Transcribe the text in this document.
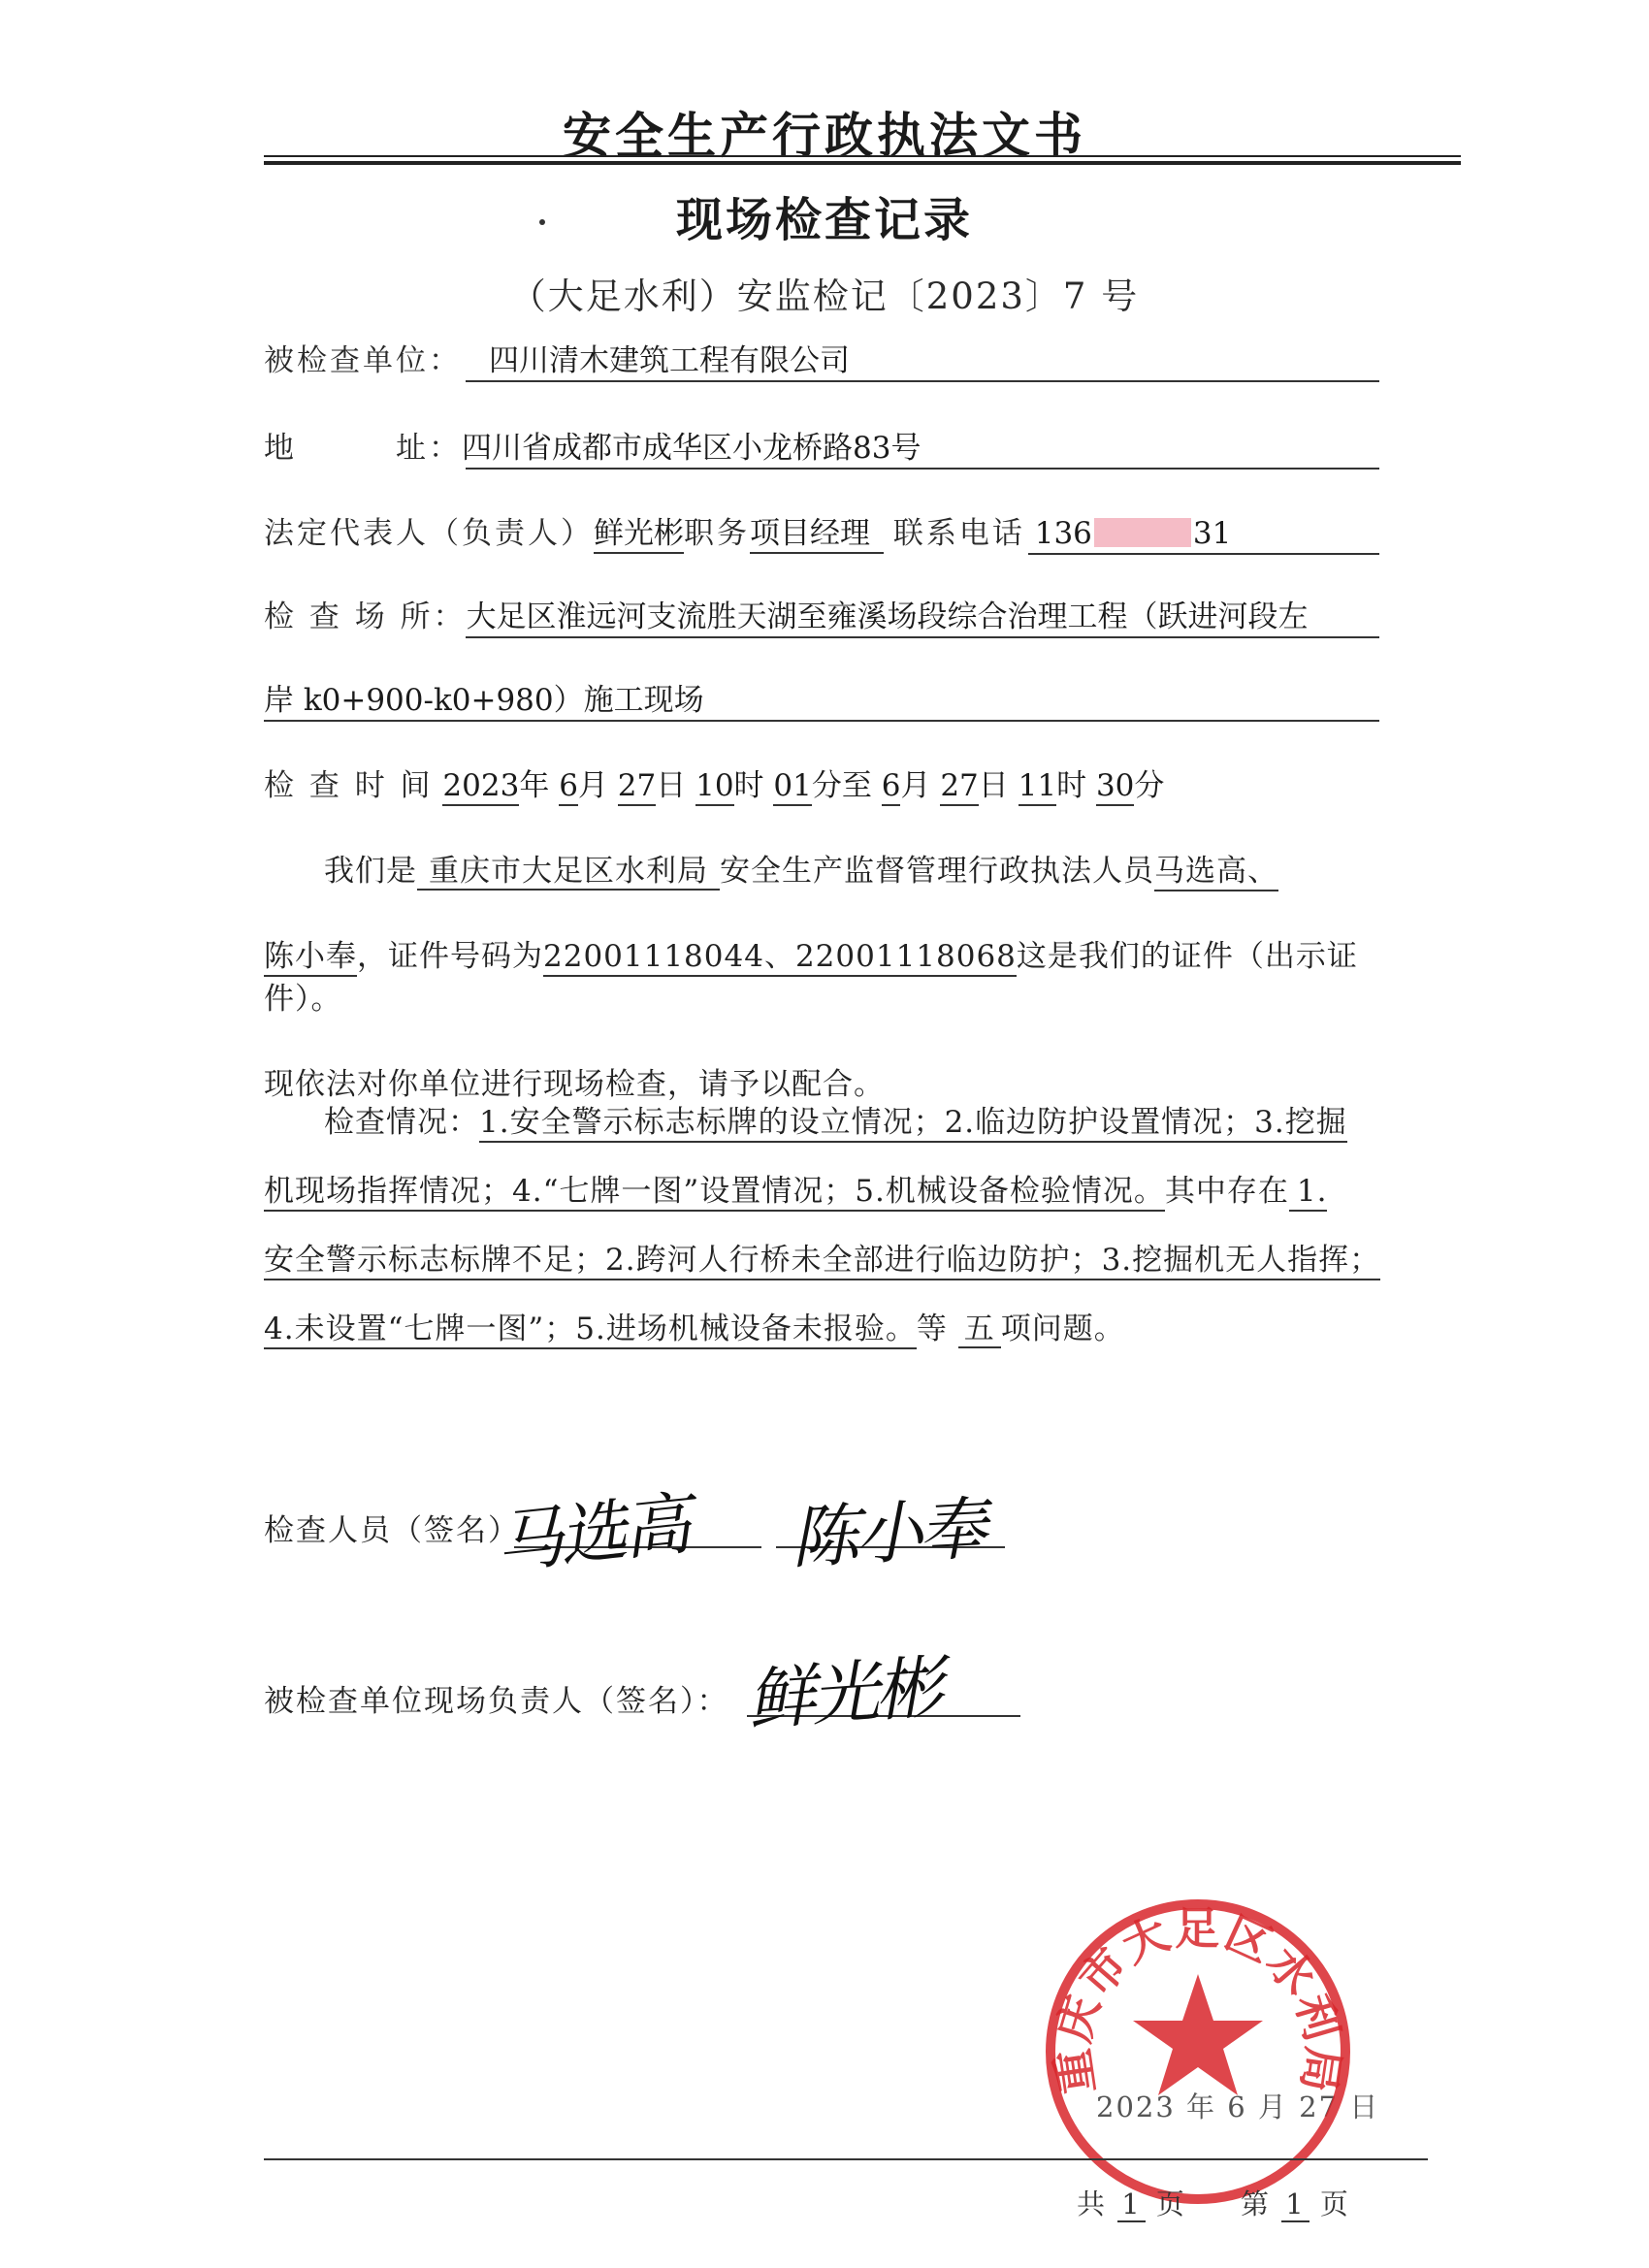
安全生产行政执法文书
现场检查记录
（大足水利）安监检记〔2023〕7 号
被检查单位： 四川清木建筑工程有限公司
地　　　址：四川省成都市成华区小龙桥路83号
法定代表人（负责人）鲜光彬职务项目经理 联系电话 136	31
检 查 场 所：大足区淮远河支流胜天湖至雍溪场段综合治理工程（跃进河段左
岸 k0+900-k0+980）施工现场
检 查 时 间 2023年 6月 27日 10时 01分至 6月 27日 11时 30分
我们是 重庆市大足区水利局 安全生产监督管理行政执法人员马选高、
陈小奉，证件号码为22001118044、22001118068这是我们的证件（出示证件）。
现依法对你单位进行现场检查，请予以配合。
检查情况：1.安全警示标志标牌的设立情况；2.临边防护设置情况；3.挖掘
机现场指挥情况；4.“七牌一图”设置情况；5.机械设备检验情况。其中存在 1.
安全警示标志标牌不足；2.跨河人行桥未全部进行临边防护；3.挖掘机无人指挥；
4.未设置“七牌一图”；5.进场机械设备未报验。等 五 项问题。
检查人员（签名）
马选高 陈小奉
被检查单位现场负责人（签名）： 鲜光彬
2023 年 6 月 27 日
重庆市大足区水利局
共 1 页 第 1 页
